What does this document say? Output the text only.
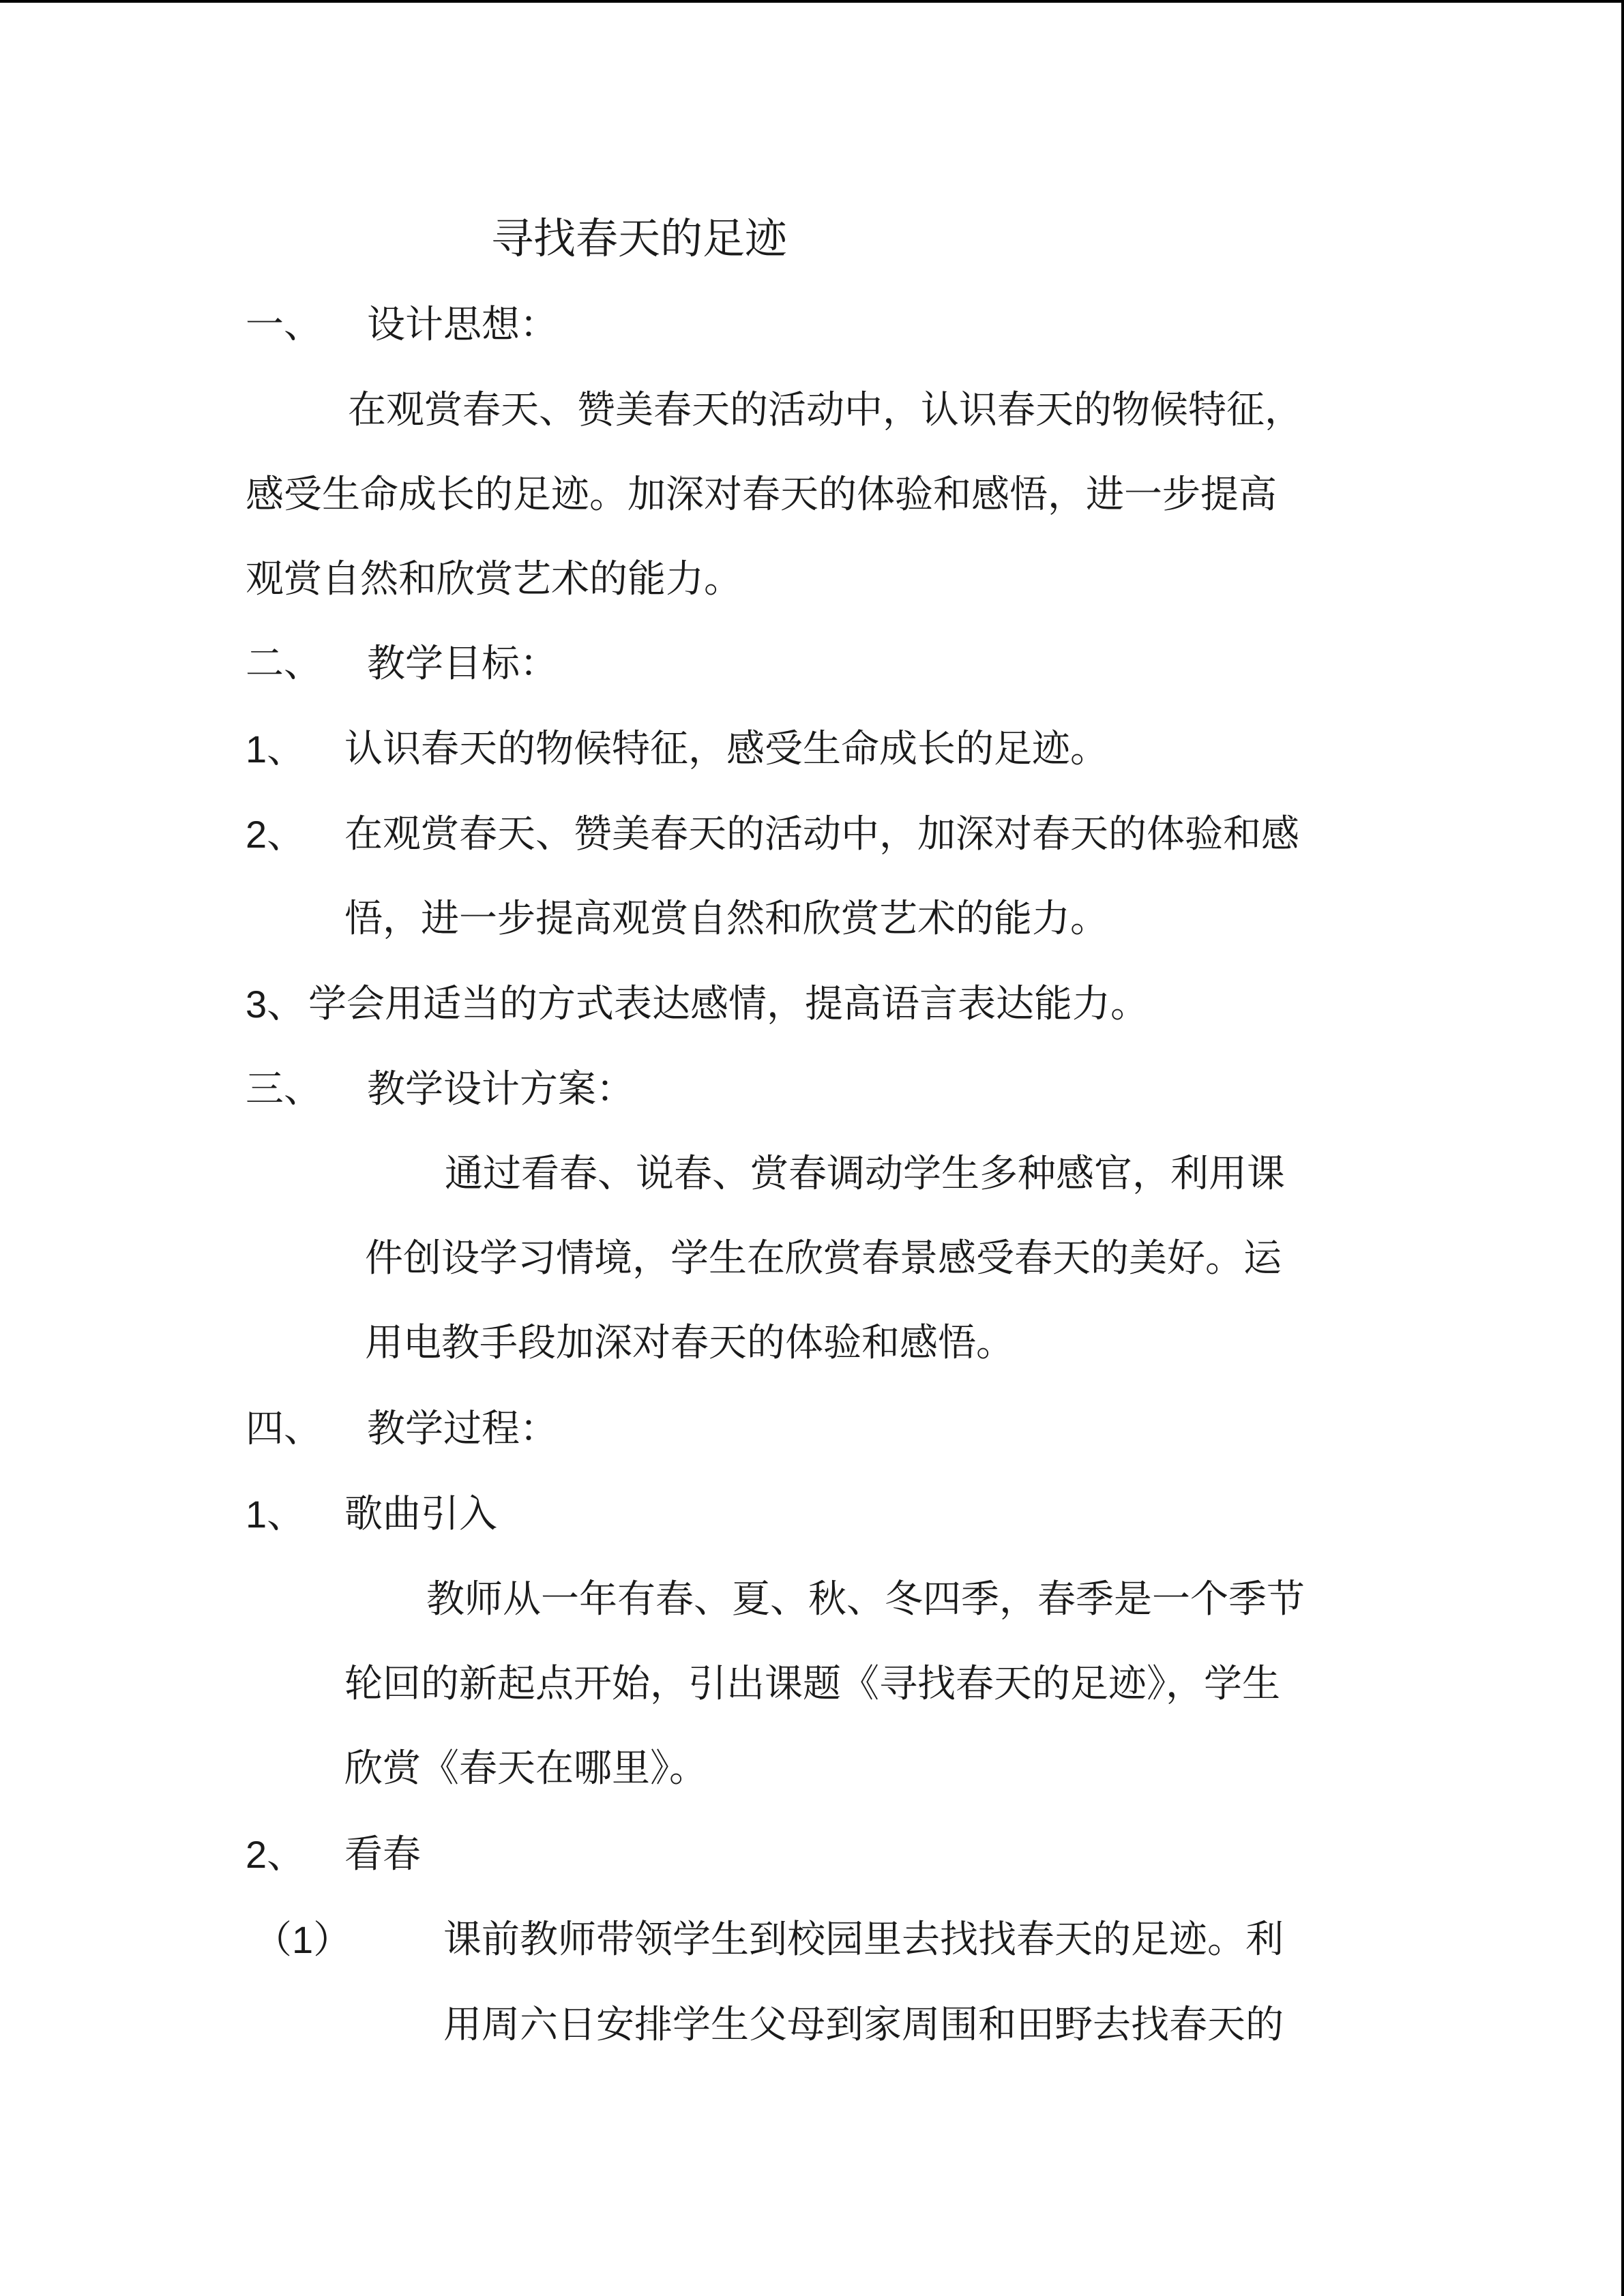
寻找春天的足迹
一、 设计思想：
在观赏春天、赞美春天的活动中，认识春天的物候特征，
感受生命成长的足迹。加深对春天的体验和感悟，进一步提高
观赏自然和欣赏艺术的能力。
二、 教学目标：
1、 认识春天的物候特征，感受生命成长的足迹。
2、 在观赏春天、赞美春天的活动中，加深对春天的体验和感
悟，进一步提高观赏自然和欣赏艺术的能力。
3、 学会用适当的方式表达感情，提高语言表达能力。
三、 教学设计方案：
通过看春、说春、赏春调动学生多种感官，利用课
件创设学习情境，学生在欣赏春景感受春天的美好。运
用电教手段加深对春天的体验和感悟。
四、 教学过程：
1、 歌曲引入
教师从一年有春、夏、秋、冬四季，春季是一个季节
轮回的新起点开始，引出课题《寻找春天的足迹》，学生
欣赏《春天在哪里》。
2、 看春
（1） 课前教师带领学生到校园里去找找春天的足迹。利
用周六日安排学生父母到家周围和田野去找春天的
